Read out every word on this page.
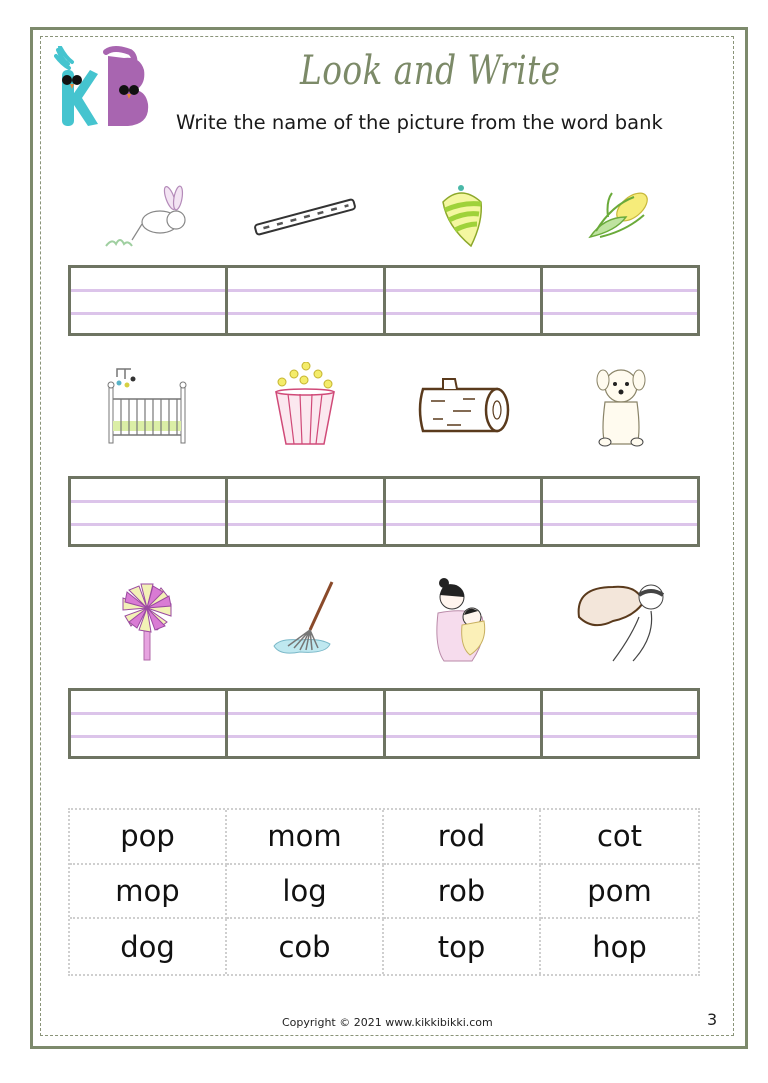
Look and Write
Write the name of the picture from the word bank
pop	mom	rod	cot
mop	log	rob	pom
dog	cob	top	hop
Copyright © 2021 www.kikkibikki.com	3
